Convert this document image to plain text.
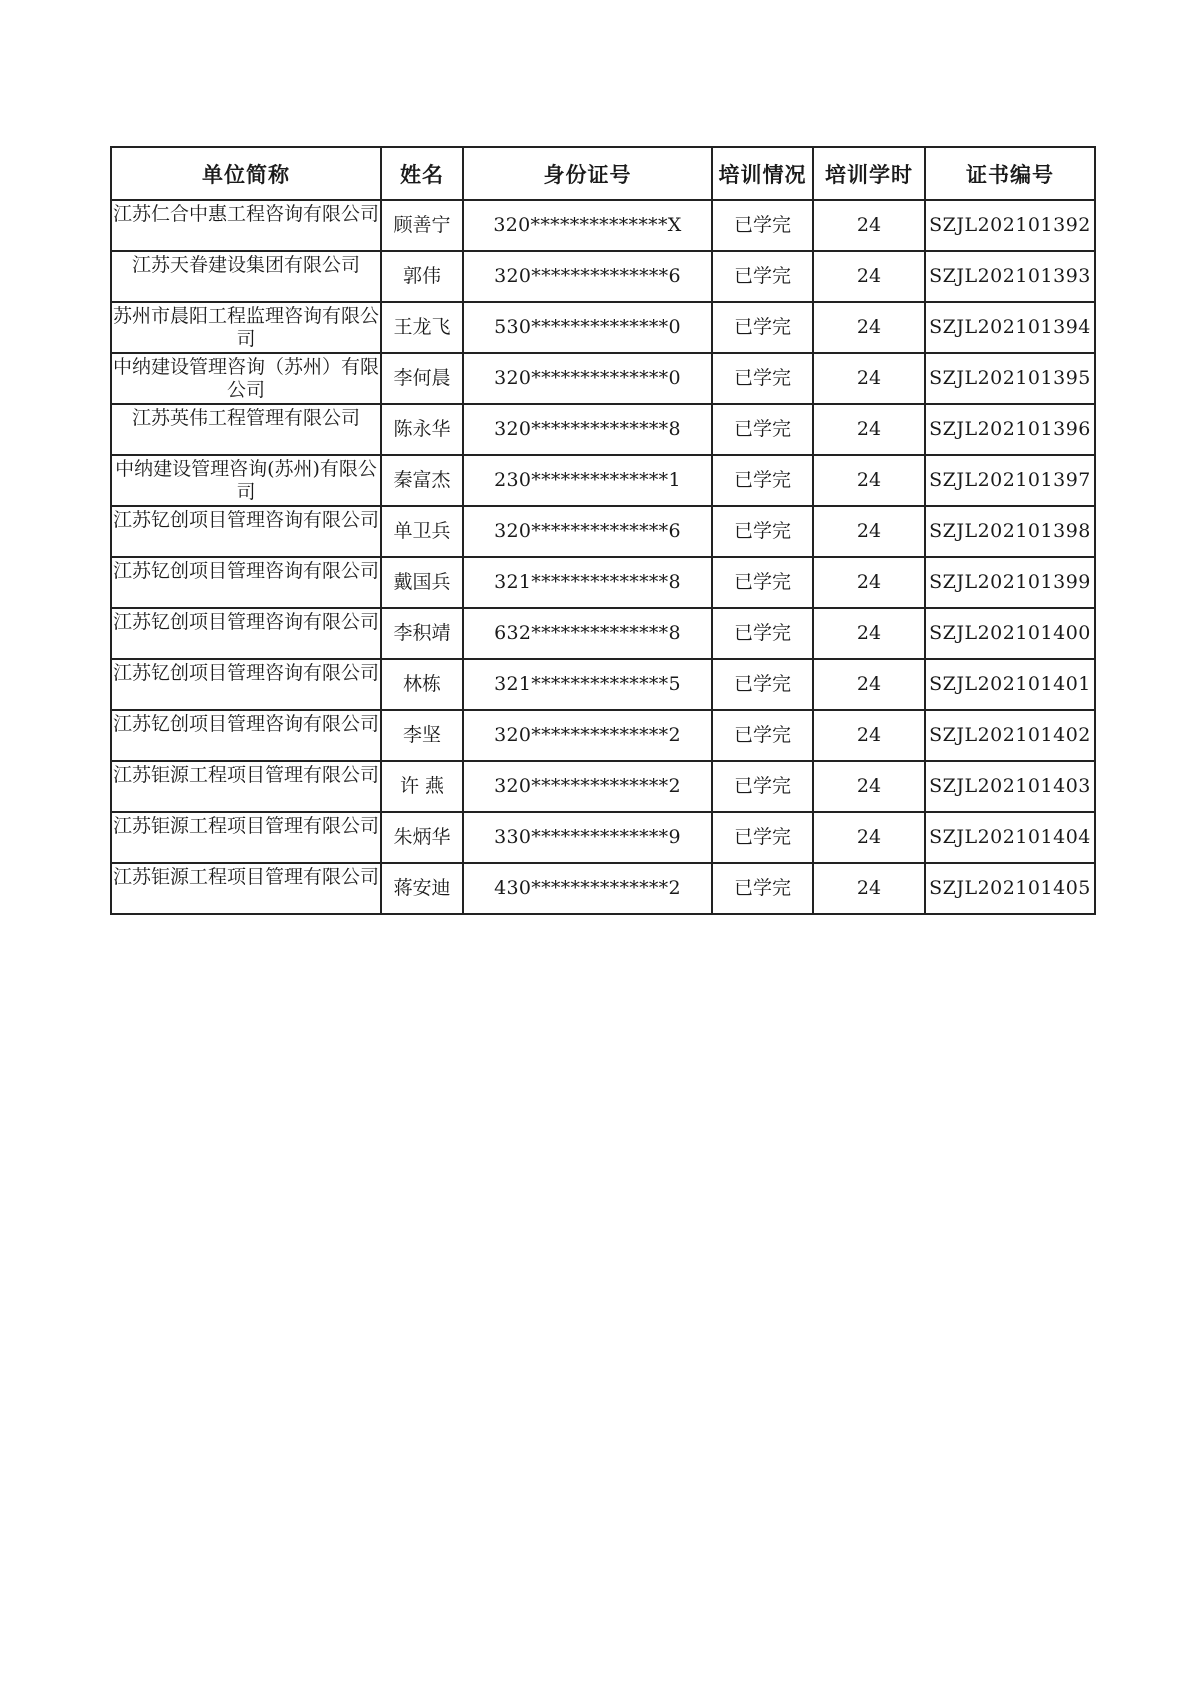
单位简称	姓名	身份证号	培训情况	培训学时	证书编号

江苏仁合中惠工程咨询有限公司	顾善宁	320**************X	已学完	24	SZJL202101392

江苏天眷建设集团有限公司	郭伟	320**************6	已学完	24	SZJL202101393

苏州市晨阳工程监理咨询有限公司	王龙飞	530**************0	已学完	24	SZJL202101394

中纳建设管理咨询（苏州）有限公司	李何晨	320**************0	已学完	24	SZJL202101395

江苏英伟工程管理有限公司	陈永华	320**************8	已学完	24	SZJL202101396

中纳建设管理咨询(苏州)有限公司	秦富杰	230**************1	已学完	24	SZJL202101397

江苏钇创项目管理咨询有限公司	单卫兵	320**************6	已学完	24	SZJL202101398

江苏钇创项目管理咨询有限公司	戴国兵	321**************8	已学完	24	SZJL202101399

江苏钇创项目管理咨询有限公司	李积靖	632**************8	已学完	24	SZJL202101400

江苏钇创项目管理咨询有限公司	林栋	321**************5	已学完	24	SZJL202101401

江苏钇创项目管理咨询有限公司	李坚	320**************2	已学完	24	SZJL202101402

江苏钜源工程项目管理有限公司	许 燕	320**************2	已学完	24	SZJL202101403

江苏钜源工程项目管理有限公司	朱炳华	330**************9	已学完	24	SZJL202101404

江苏钜源工程项目管理有限公司	蒋安迪	430**************2	已学完	24	SZJL202101405
